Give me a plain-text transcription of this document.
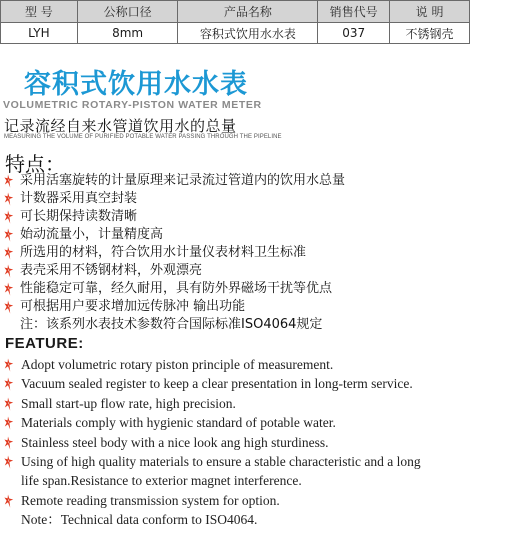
型 号	公称口径	产品名称	销售代号	说 明
LYH	8mm	容积式饮用水水表	037	不锈钢壳
容积式饮用水水表
VOLUMETRIC ROTARY-PISTON WATER METER
记录流经自来水管道饮用水的总量
MEASURING THE VOLUME OF PURIFIED POTABLE WATER PASSING THROUGH THE PIPELINE
特点：
采用活塞旋转的计量原理来记录流过管道内的饮用水总量
计数器采用真空封装
可长期保持读数清晰
始动流量小，计量精度高
所选用的材料，符合饮用水计量仪表材料卫生标准
表壳采用不锈钢材料，外观漂亮
性能稳定可靠，经久耐用，具有防外界磁场干扰等优点
可根据用户要求增加远传脉冲 输出功能
注：该系列水表技术参数符合国际标准ISO4064规定
FEATURE:
Adopt volumetric rotary piston principle of measurement.
Vacuum sealed register to keep a clear presentation in long-term service.
Small start-up flow rate, high precision.
Materials comply with hygienic standard of potable water.
Stainless steel body with a nice look ang high sturdiness.
Using of high quality materials to ensure a stable characteristic and a long
life span.Resistance to exterior magnet interference.
Remote reading transmission system for option.
Note：Technical data conform to ISO4064.
